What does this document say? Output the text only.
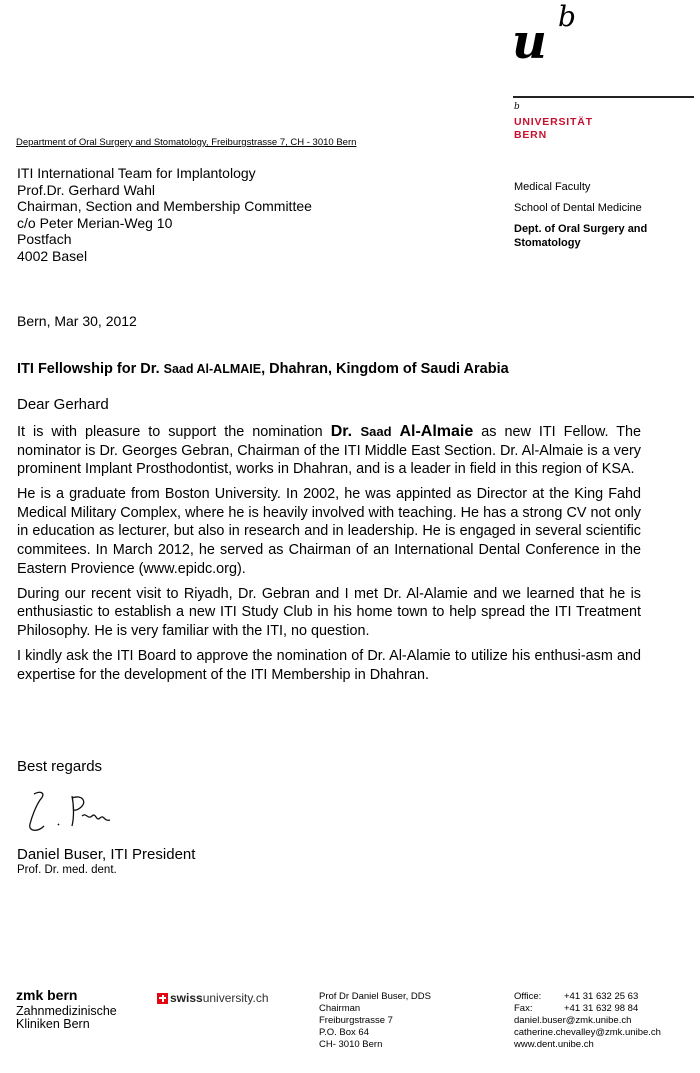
u b
b
UNIVERSITÄT
BERN
Department of Oral Surgery and Stomatology, Freiburgstrasse 7, CH - 3010 Bern
ITI International Team for Implantology
Prof.Dr. Gerhard Wahl
Chairman, Section and Membership Committee
c/o Peter Merian-Weg 10
Postfach
4002 Basel
Medical Faculty
School of Dental Medicine
Dept. of Oral Surgery and
Stomatology
Bern, Mar 30, 2012
ITI Fellowship for Dr. Saad Al-ALMAIE, Dhahran, Kingdom of Saudi Arabia
Dear Gerhard

It is with pleasure to support the nomination Dr. Saad Al-Almaie as new ITI Fellow. The nominator is Dr. Georges Gebran, Chairman of the ITI Middle East Section. Dr. Al-Almaie is a very prominent Implant Prosthodontist, works in Dhahran, and is a leader in field in this region of KSA.

He is a graduate from Boston University. In 2002, he was appinted as Director at the King Fahd Medical Military Complex, where he is heavily involved with teaching. He has a strong CV not only in education as lecturer, but also in research and in leadership. He is engaged in several scientific commitees. In March 2012, he served as Chairman of an International Dental Conference in the Eastern Provience (www.epidc.org).

During our recent visit to Riyadh, Dr. Gebran and I met Dr. Al-Alamie and we learned that he is enthusiastic to establish a new ITI Study Club in his home town to help spread the ITI Treatment Philosophy. He is very familiar with the ITI, no question.

I kindly ask the ITI Board to approve the nomination of Dr. Al-Alamie to utilize his enthusi-asm and expertise for the development of the ITI Membership in Dhahran.

Best regards
Daniel Buser, ITI President
Prof. Dr. med. dent.
zmk bern
Zahnmedizinische
Kliniken Bern
swiss university.ch	Prof Dr Daniel Buser, DDS
Chairman
Freiburgstrasse 7
P.O. Box 64
CH- 3010 Bern
Office: +41 31 632 25 63
Fax:	+41 31 632 98 84
daniel.buser@zmk.unibe.ch
catherine.chevalley@zmk.unibe.ch
www.dent.unibe.ch
